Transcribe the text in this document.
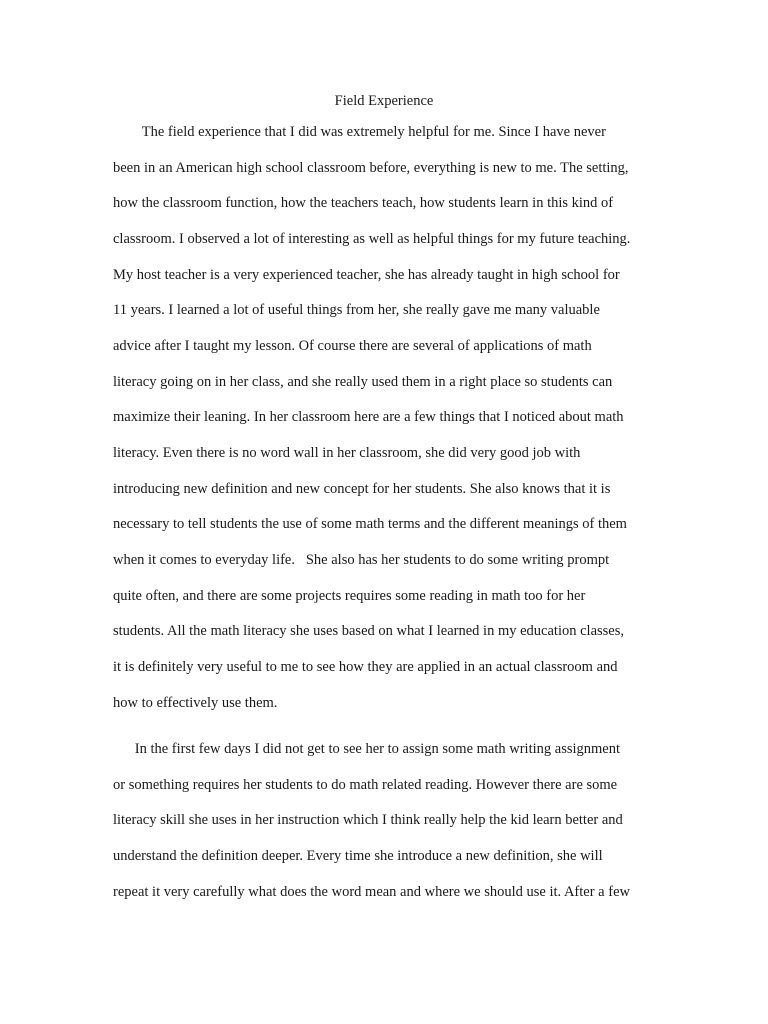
Field Experience
The field experience that I did was extremely helpful for me. Since I have never
been in an American high school classroom before, everything is new to me. The setting,
how the classroom function, how the teachers teach, how students learn in this kind of
classroom. I observed a lot of interesting as well as helpful things for my future teaching.
My host teacher is a very experienced teacher, she has already taught in high school for
11 years. I learned a lot of useful things from her, she really gave me many valuable
advice after I taught my lesson. Of course there are several of applications of math
literacy going on in her class, and she really used them in a right place so students can
maximize their leaning. In her classroom here are a few things that I noticed about math
literacy. Even there is no word wall in her classroom, she did very good job with
introducing new definition and new concept for her students. She also knows that it is
necessary to tell students the use of some math terms and the different meanings of them
when it comes to everyday life.   She also has her students to do some writing prompt
quite often, and there are some projects requires some reading in math too for her
students. All the math literacy she uses based on what I learned in my education classes,
it is definitely very useful to me to see how they are applied in an actual classroom and
how to effectively use them.
In the first few days I did not get to see her to assign some math writing assignment
or something requires her students to do math related reading. However there are some
literacy skill she uses in her instruction which I think really help the kid learn better and
understand the definition deeper. Every time she introduce a new definition, she will
repeat it very carefully what does the word mean and where we should use it. After a few
